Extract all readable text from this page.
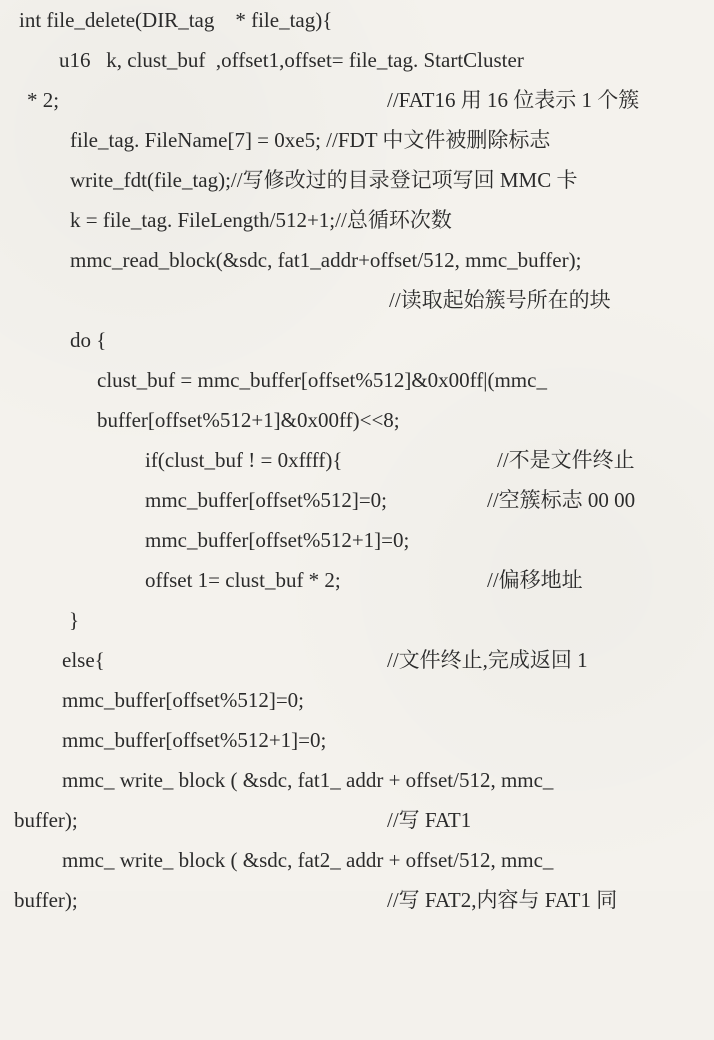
int file_delete(DIR_tag    * file_tag){

u16   k, clust_buf  ,offset1,offset= file_tag. StartCluster

* 2;

	//FAT16 用 16 位表示 1 个簇

file_tag. FileName[7] = 0xe5; //FDT 中文件被删除标志

write_fdt(file_tag);//写修改过的目录登记项写回 MMC 卡

k = file_tag. FileLength/512+1;//总循环次数

mmc_read_block(&sdc, fat1_addr+offset/512, mmc_buffer);

//读取起始簇号所在的块

do {

clust_buf = mmc_buffer[offset%512]&0x00ff|(mmc_

buffer[offset%512+1]&0x00ff)<<8;

if(clust_buf ! = 0xffff){

	//不是文件终止

mmc_buffer[offset%512]=0;

	//空簇标志 00 00

mmc_buffer[offset%512+1]=0;

offset 1= clust_buf * 2;

	//偏移地址

}

else{

	//文件终止,完成返回 1

mmc_buffer[offset%512]=0;

mmc_buffer[offset%512+1]=0;

mmc_ write_ block ( &sdc, fat1_ addr + offset/512, mmc_

buffer);

	//写 FAT1

mmc_ write_ block ( &sdc, fat2_ addr + offset/512, mmc_

buffer);

	//写 FAT2,内容与 FAT1 同
